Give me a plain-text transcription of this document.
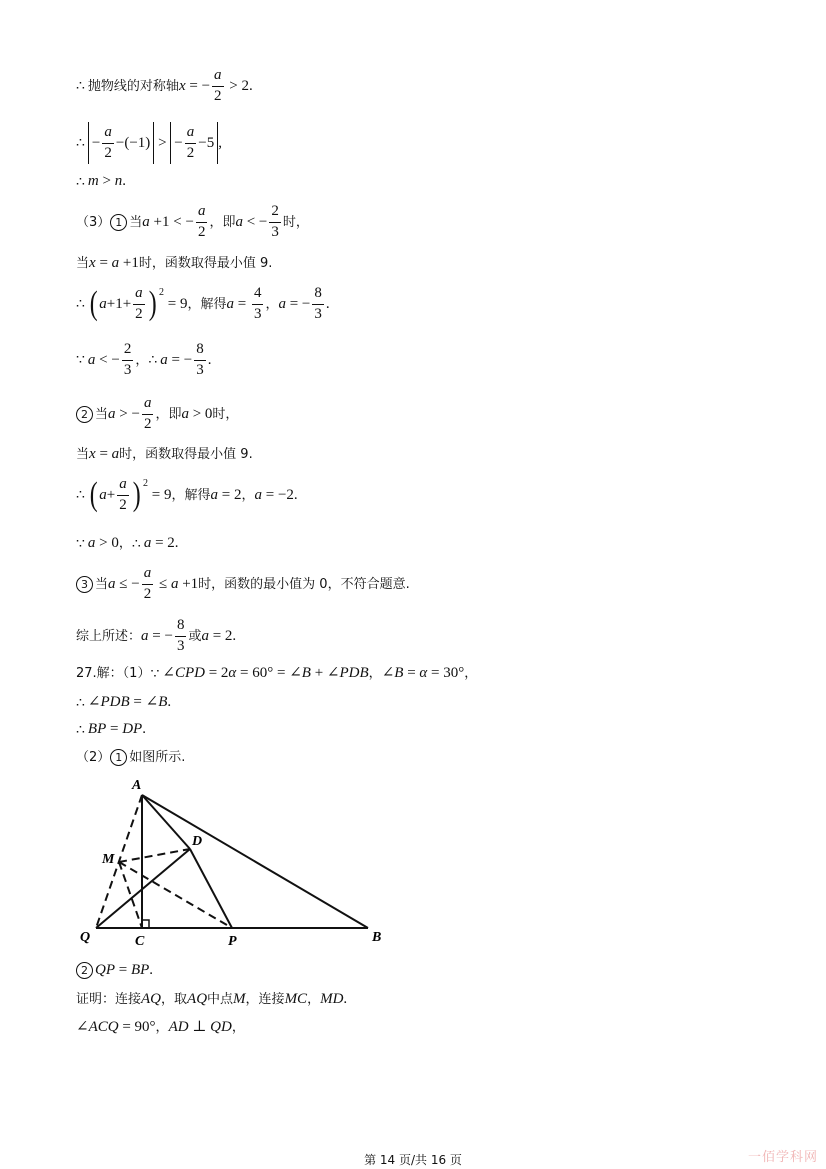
∴ 抛物线的对称轴 x = − $\frac{a}{2} > 2$.
∴ − $\frac{a}{2} -(-1)$ > − $\frac{a}{2} -5$ ,
∴ m > n .
（3） 1 当 a +1 < − $\frac{a}{2}$ ，即 a < − $\frac{2}{3}$ 时，
当 x = a +1 时 ，函数取得最小值 9.
∴ ( $a +1+ \frac{a}{2}$ ) 2
= 9 ，解得 $a = \frac{4}{3}$ ， a = − $\frac{8}{3}$ .
∵ a < − $\frac{2}{3}$ ， ∴ a = − $\frac{8}{3}$ .
2 当 a > − $\frac{a}{2}$ ，即 a > 0 时，
当 x = a 时 ，函数取得最小值 9.
∴ ( $a + \frac{a}{2}$ ) 2
= 9 ，解得 a = 2 ， a = −2.
∵ a > 0 ， ∴ a = 2.
3 当 a ≤ − $\frac{a}{2} \le a +1$ 时，函数的最小值为 0，不符合题意.
综上所述： a = − $\frac{8}{3}$ 或 a = 2.
27.解：（1） ∵ ∠ CPD = 2 α = 60° = ∠ B + ∠ PDB ， ∠ B = α = 30° ，
∴ ∠ PDB = ∠ B .
∴ BP = DP .
（2） 1 如图所示.
A
D
M
Q	C	P	B
2 QP = BP .
证明：连接 AQ ，取 AQ 中点 M ，连接 MC ， MD .
∠ ACQ = 90° ， AD ⊥ QD ，
第 14 页/共 16 页	一佰学科网
